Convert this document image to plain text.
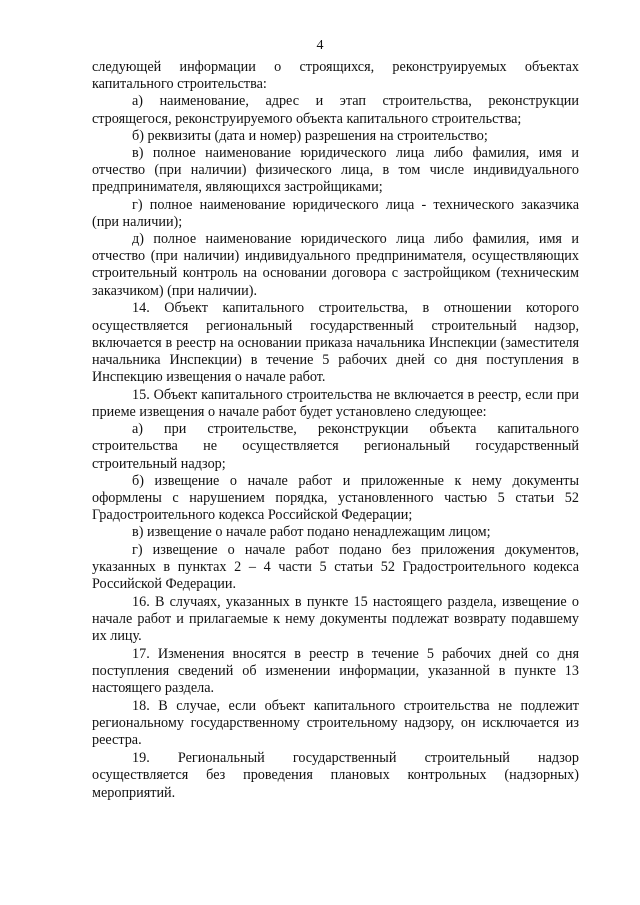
4

следующей информации о строящихся, реконструируемых объектах капитального строительства:

а) наименование, адрес и этап строительства, реконструкции строящегося, реконструируемого объекта капитального строительства;

б) реквизиты (дата и номер) разрешения на строительство;

в) полное наименование юридического лица либо фамилия, имя и отчество (при наличии) физического лица, в том числе индивидуального предпринимателя, являющихся застройщиками;

г) полное наименование юридического лица - технического заказчика (при наличии);

д) полное наименование юридического лица либо фамилия, имя и отчество (при наличии) индивидуального предпринимателя, осуществляющих строительный контроль на основании договора с застройщиком (техническим заказчиком) (при наличии).

14. Объект капитального строительства, в отношении которого осуществляется региональный государственный строительный надзор, включается в реестр на основании приказа начальника Инспекции (заместителя начальника Инспекции) в течение 5 рабочих дней со дня поступления в Инспекцию извещения о начале работ.

15. Объект капитального строительства не включается в реестр, если при приеме извещения о начале работ будет установлено следующее:

а) при строительстве, реконструкции объекта капитального строительства не осуществляется региональный государственный строительный надзор;

б) извещение о начале работ и приложенные к нему документы оформлены с нарушением порядка, установленного частью 5 статьи 52 Градостроительного кодекса Российской Федерации;

в) извещение о начале работ подано ненадлежащим лицом;

г) извещение о начале работ подано без приложения документов, указанных в пунктах 2 – 4 части 5 статьи 52 Градостроительного кодекса Российской Федерации.

16. В случаях, указанных в пункте 15 настоящего раздела, извещение о начале работ и прилагаемые к нему документы подлежат возврату подавшему их лицу.

17. Изменения вносятся в реестр в течение 5 рабочих дней со дня поступления сведений об изменении информации, указанной в пункте 13 настоящего раздела.

18. В случае, если объект капитального строительства не подлежит региональному государственному строительному надзору, он исключается из реестра.

19. Региональный государственный строительный надзор осуществляется без проведения плановых контрольных (надзорных) мероприятий.
